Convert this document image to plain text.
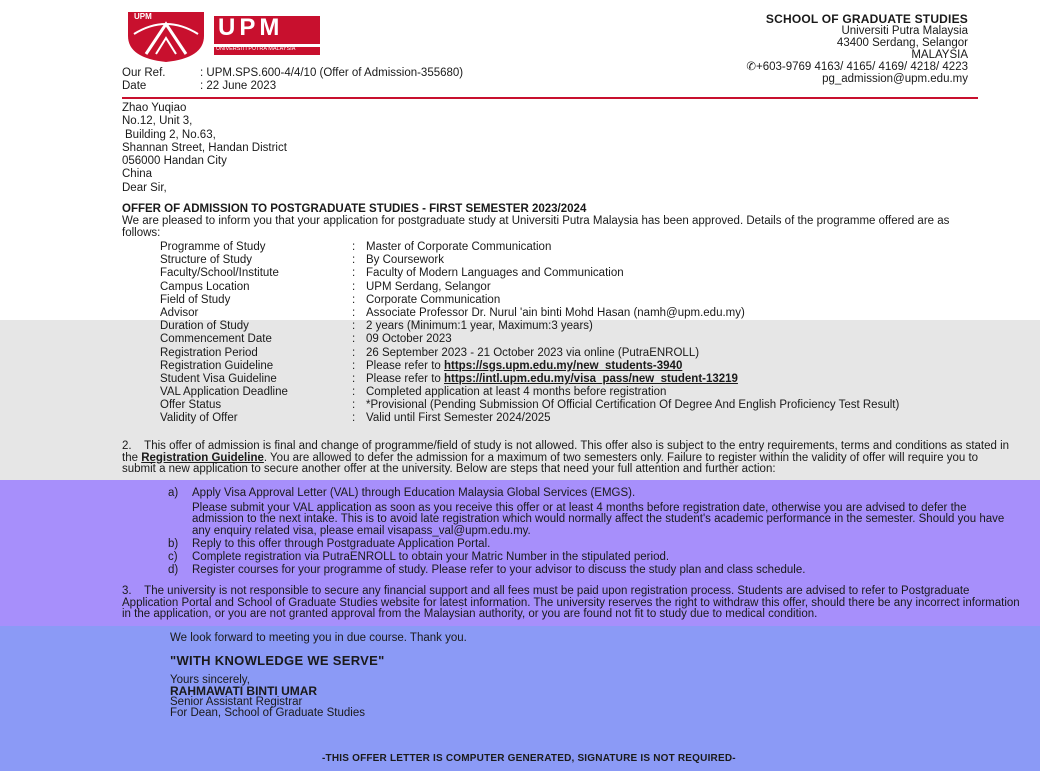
UPM	UPM
UNIVERSITI PUTRA MALAYSIA
SCHOOL OF GRADUATE STUDIES
Universiti Putra Malaysia
43400 Serdang, Selangor
MALAYSIA
✆+603-9769 4163/ 4165/ 4169/ 4218/ 4223
pg_admission@upm.edu.my
Our Ref.	: UPM.SPS.600-4/4/10 (Offer of Admission-355680)
Date	: 22 June 2023
Zhao Yuqiao
No.12, Unit 3,
Building 2, No.63,
Shannan Street, Handan District
056000 Handan City
China
Dear Sir,
OFFER OF ADMISSION TO POSTGRADUATE STUDIES - FIRST SEMESTER 2023/2024
We are pleased to inform you that your application for postgraduate study at Universiti Putra Malaysia has been approved. Details of the programme offered are as follows:
Programme of Study	:	Master of Corporate Communication
Structure of Study	:	By Coursework
Faculty/School/Institute	:	Faculty of Modern Languages and Communication
Campus Location	:	UPM Serdang, Selangor
Field of Study	:	Corporate Communication
Advisor	:	Associate Professor Dr. Nurul 'ain binti Mohd Hasan (namh@upm.edu.my)
Duration of Study	:	2 years (Minimum:1 year, Maximum:3 years)
Commencement Date	:	09 October 2023
Registration Period	:	26 September 2023 - 21 October 2023 via online (PutraENROLL)
Registration Guideline	:	Please refer to https://sgs.upm.edu.my/new_students-3940
Student Visa Guideline	:	Please refer to https://intl.upm.edu.my/visa_pass/new_student-13219
VAL Application Deadline	:	Completed application at least 4 months before registration
Offer Status	:	*Provisional (Pending Submission Of Official Certification Of Degree And English Proficiency Test Result)
Validity of Offer	:	Valid until First Semester 2024/2025
2. This offer of admission is final and change of programme/field of study is not allowed. This offer also is subject to the entry requirements, terms and conditions as stated in the Registration Guideline. You are allowed to defer the admission for a maximum of two semesters only. Failure to register within the validity of offer will require you to submit a new application to secure another offer at the university. Below are steps that need your full attention and further action:
a)	Apply Visa Approval Letter (VAL) through Education Malaysia Global Services (EMGS).
Please submit your VAL application as soon as you receive this offer or at least 4 months before registration date, otherwise you are advised to defer the admission to the next intake. This is to avoid late registration which would normally affect the student's academic performance in the semester. Should you have any enquiry related visa, please email visapass_val@upm.edu.my.
b)	Reply to this offer through Postgraduate Application Portal.
c)	Complete registration via PutraENROLL to obtain your Matric Number in the stipulated period.
d)	Register courses for your programme of study. Please refer to your advisor to discuss the study plan and class schedule.
3.    The university is not responsible to secure any financial support and all fees must be paid upon registration process. Students are advised to refer to Postgraduate Application Portal and School of Graduate Studies website for latest information. The university reserves the right to withdraw this offer, should there be any incorrect information in the application, or you are not granted approval from the Malaysian authority, or you are found not fit to study due to medical condition.
We look forward to meeting you in due course. Thank you.
"WITH KNOWLEDGE WE SERVE"
Yours sincerely,
RAHMAWATI BINTI UMAR
Senior Assistant Registrar
For Dean, School of Graduate Studies
-THIS OFFER LETTER IS COMPUTER GENERATED, SIGNATURE IS NOT REQUIRED-
